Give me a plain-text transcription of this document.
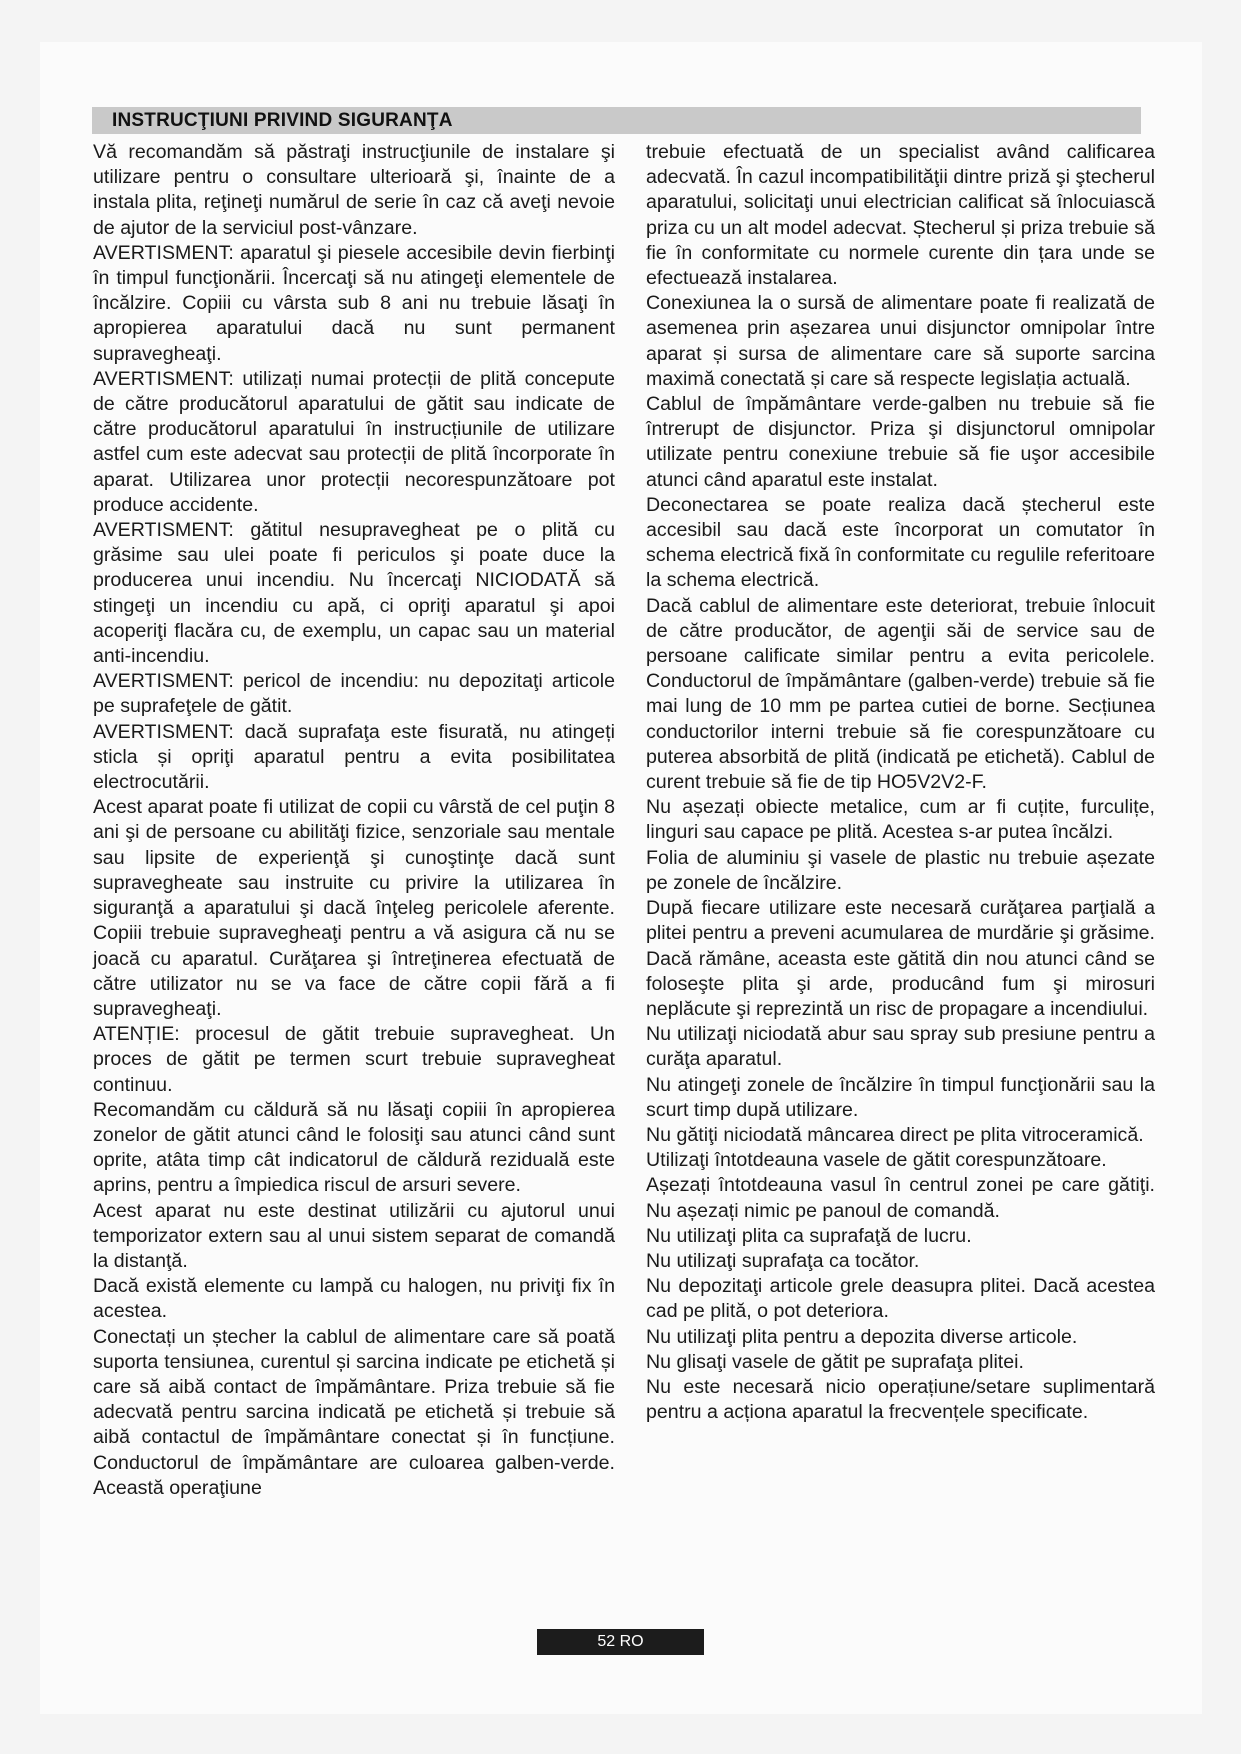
INSTRUCŢIUNI PRIVIND SIGURANŢA

Vă recomandăm să păstraţi instrucţiunile de instalare şi utilizare pentru o consultare ulterioară şi, înainte de a instala plita, reţineţi numărul de serie în caz că aveţi nevoie de ajutor de la serviciul post-vânzare.

AVERTISMENT: aparatul şi piesele accesibile devin fierbinţi în timpul funcţionării. Încercaţi să nu atingeţi elementele de încălzire. Copiii cu vârsta sub 8 ani nu trebuie lăsaţi în apropierea aparatului dacă nu sunt permanent supravegheaţi.

AVERTISMENT: utilizați numai protecții de plită concepute de către producătorul aparatului de gătit sau indicate de către producătorul aparatului în instrucțiunile de utilizare astfel cum este adecvat sau protecții de plită încorporate în aparat. Utilizarea unor protecții necorespunzătoare pot produce accidente.

AVERTISMENT: gătitul nesupravegheat pe o plită cu grăsime sau ulei poate fi periculos şi poate duce la producerea unui incendiu. Nu încercaţi NICIODATĂ să stingeţi un incendiu cu apă, ci opriţi aparatul şi apoi acoperiţi flacăra cu, de exemplu, un capac sau un material anti-incendiu.

AVERTISMENT: pericol de incendiu: nu depozitaţi articole pe suprafeţele de gătit.

AVERTISMENT: dacă suprafaţa este fisurată, nu atingeți sticla și opriţi aparatul pentru a evita posibilitatea electrocutării.

Acest aparat poate fi utilizat de copii cu vârstă de cel puţin 8 ani şi de persoane cu abilităţi fizice, senzoriale sau mentale sau lipsite de experienţă şi cunoştinţe dacă sunt supravegheate sau instruite cu privire la utilizarea în siguranţă a aparatului şi dacă înţeleg pericolele aferente. Copiii trebuie supravegheaţi pentru a vă asigura că nu se joacă cu aparatul. Curăţarea şi întreţinerea efectuată de către utilizator nu se va face de către copii fără a fi supravegheaţi.

ATENȚIE: procesul de gătit trebuie supravegheat. Un proces de gătit pe termen scurt trebuie supravegheat continuu.

Recomandăm cu căldură să nu lăsaţi copiii în apropierea zonelor de gătit atunci când le folosiţi sau atunci când sunt oprite, atâta timp cât indicatorul de căldură reziduală este aprins, pentru a împiedica riscul de arsuri severe.

Acest aparat nu este destinat utilizării cu ajutorul unui temporizator extern sau al unui sistem separat de comandă la distanţă.

Dacă există elemente cu lampă cu halogen, nu priviţi fix în acestea.

Conectați un ștecher la cablul de alimentare care să poată suporta tensiunea, curentul și sarcina indicate pe etichetă și care să aibă contact de împământare. Priza trebuie să fie adecvată pentru sarcina indicată pe etichetă și trebuie să aibă contactul de împământare conectat și în funcțiune. Conductorul de împământare are culoarea galben-verde. Această operaţiune

trebuie efectuată de un specialist având calificarea adecvată. În cazul incompatibilităţii dintre priză şi ştecherul aparatului, solicitaţi unui electrician calificat să înlocuiască priza cu un alt model adecvat. Ștecherul și priza trebuie să fie în conformitate cu normele curente din țara unde se efectuează instalarea.

Conexiunea la o sursă de alimentare poate fi realizată de asemenea prin așezarea unui disjunctor omnipolar între aparat și sursa de alimentare care să suporte sarcina maximă conectată și care să respecte legislația actuală.

Cablul de împământare verde-galben nu trebuie să fie întrerupt de disjunctor. Priza şi disjunctorul omnipolar utilizate pentru conexiune trebuie să fie uşor accesibile atunci când aparatul este instalat.

Deconectarea se poate realiza dacă ștecherul este accesibil sau dacă este încorporat un comutator în schema electrică fixă în conformitate cu regulile referitoare la schema electrică.

Dacă cablul de alimentare este deteriorat, trebuie înlocuit de către producător, de agenţii săi de service sau de persoane calificate similar pentru a evita pericolele. Conductorul de împământare (galben-verde) trebuie să fie mai lung de 10 mm pe partea cutiei de borne. Secțiunea conductorilor interni trebuie să fie corespunzătoare cu puterea absorbită de plită (indicată pe etichetă). Cablul de curent trebuie să fie de tip HO5V2V2-F.

Nu așezați obiecte metalice, cum ar fi cuțite, furculițe, linguri sau capace pe plită. Acestea s-ar putea încălzi.

Folia de aluminiu şi vasele de plastic nu trebuie așezate pe zonele de încălzire.

După fiecare utilizare este necesară curăţarea parţială a plitei pentru a preveni acumularea de murdărie şi grăsime. Dacă rămâne, aceasta este gătită din nou atunci când se foloseşte plita şi arde, producând fum şi mirosuri neplăcute şi reprezintă un risc de propagare a incendiului.

Nu utilizaţi niciodată abur sau spray sub presiune pentru a curăţa aparatul.

Nu atingeţi zonele de încălzire în timpul funcţionării sau la scurt timp după utilizare.

Nu gătiţi niciodată mâncarea direct pe plita vitroceramică.

Utilizaţi întotdeauna vasele de gătit corespunzătoare.

Așezați întotdeauna vasul în centrul zonei pe care gătiţi. Nu așezați nimic pe panoul de comandă.

Nu utilizaţi plita ca suprafaţă de lucru.

Nu utilizaţi suprafaţa ca tocător.

Nu depozitaţi articole grele deasupra plitei. Dacă acestea cad pe plită, o pot deteriora.

Nu utilizaţi plita pentru a depozita diverse articole.

Nu glisaţi vasele de gătit pe suprafaţa plitei.

Nu este necesară nicio operațiune/setare suplimentară pentru a acționa aparatul la frecvențele specificate.

52 RO
